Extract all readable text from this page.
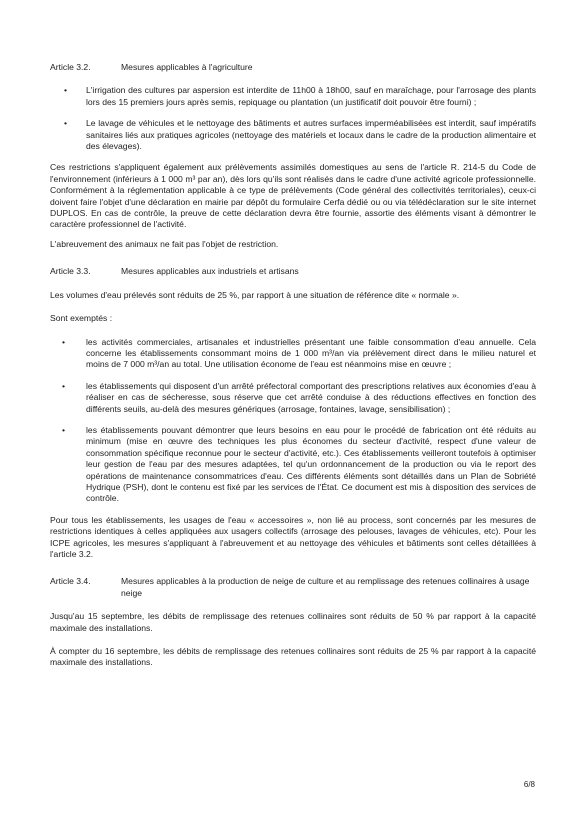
Article 3.2.	Mesures applicables à l'agriculture
• L'irrigation des cultures par aspersion est interdite de 11h00 à 18h00, sauf en maraîchage, pour l'arrosage des plants lors des 15 premiers jours après semis, repiquage ou plantation (un justificatif doit pouvoir être fourni) ;
• Le lavage de véhicules et le nettoyage des bâtiments et autres surfaces imperméabilisées est interdit, sauf impératifs sanitaires liés aux pratiques agricoles (nettoyage des matériels et locaux dans le cadre de la production alimentaire et des élevages).

Ces restrictions s'appliquent également aux prélèvements assimilés domestiques au sens de l'article R. 214-5 du Code de l'environnement (inférieurs à 1 000 m³ par an), dès lors qu'ils sont réalisés dans le cadre d'une activité agricole professionnelle. Conformément à la réglementation applicable à ce type de prélèvements (Code général des collectivités territoriales), ceux-ci doivent faire l'objet d'une déclaration en mairie par dépôt du formulaire Cerfa dédié ou ou via télédéclaration sur le site internet DUPLOS. En cas de contrôle, la preuve de cette déclaration devra être fournie, assortie des éléments visant à démontrer le caractère professionnel de l'activité.

L'abreuvement des animaux ne fait pas l'objet de restriction.

Article 3.3.	Mesures applicables aux industriels et artisans

Les volumes d'eau prélevés sont réduits de 25 %, par rapport à une situation de référence dite « normale ».

Sont exemptés :

• les activités commerciales, artisanales et industrielles présentant une faible consommation d'eau annuelle. Cela concerne les établissements consommant moins de 1 000 m³/an via prélèvement direct dans le milieu naturel et moins de 7 000 m³/an au total. Une utilisation économe de l'eau est néanmoins mise en œuvre ;
• les établissements qui disposent d'un arrêté préfectoral comportant des prescriptions relatives aux économies d'eau à réaliser en cas de sécheresse, sous réserve que cet arrêté conduise à des réductions effectives en fonction des différents seuils, au-delà des mesures génériques (arrosage, fontaines, lavage, sensibilisation) ;
• les établissements pouvant démontrer que leurs besoins en eau pour le procédé de fabrication ont été réduits au minimum (mise en œuvre des techniques les plus économes du secteur d'activité, respect d'une valeur de consommation spécifique reconnue pour le secteur d'activité, etc.). Ces établissements veilleront toutefois à optimiser leur gestion de l'eau par des mesures adaptées, tel qu'un ordonnancement de la production ou via le report des opérations de maintenance consommatrices d'eau. Ces différents éléments sont détaillés dans un Plan de Sobriété Hydrique (PSH), dont le contenu est fixé par les services de l'État. Ce document est mis à disposition des services de contrôle.

Pour tous les établissements, les usages de l'eau « accessoires », non lié au process, sont concernés par les mesures de restrictions identiques à celles appliquées aux usagers collectifs (arrosage des pelouses, lavages de véhicules, etc). Pour les ICPE agricoles, les mesures s'appliquant à l'abreuvement et au nettoyage des véhicules et bâtiments sont celles détaillées à l'article 3.2.

Article 3.4.	Mesures applicables à la production de neige de culture et au remplissage des retenues collinaires à usage neige

Jusqu'au 15 septembre, les débits de remplissage des retenues collinaires sont réduits de 50 % par rapport à la capacité maximale des installations.

À compter du 16 septembre, les débits de remplissage des retenues collinaires sont réduits de 25 % par rapport à la capacité maximale des installations.

6/8
